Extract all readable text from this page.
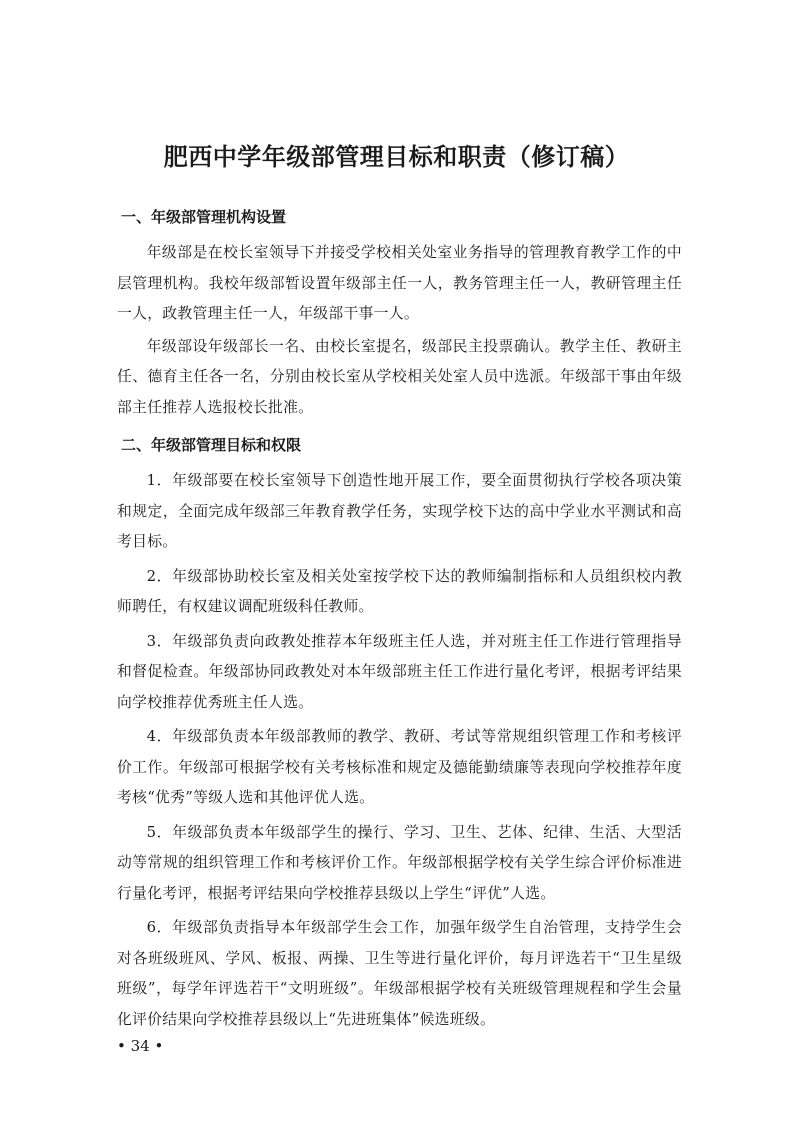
肥西中学年级部管理目标和职责（修订稿）
一、年级部管理机构设置

年级部是在校长室领导下并接受学校相关处室业务指导的管理教育教学工作的中层管理机构。我校年级部暂设置年级部主任一人，教务管理主任一人，教研管理主任一人，政教管理主任一人，年级部干事一人。

年级部设年级部长一名、由校长室提名，级部民主投票确认。教学主任、教研主任、德育主任各一名，分别由校长室从学校相关处室人员中选派。年级部干事由年级部主任推荐人选报校长批准。

二、年级部管理目标和权限

1．年级部要在校长室领导下创造性地开展工作，要全面贯彻执行学校各项决策和规定，全面完成年级部三年教育教学任务，实现学校下达的高中学业水平测试和高考目标。

2．年级部协助校长室及相关处室按学校下达的教师编制指标和人员组织校内教师聘任，有权建议调配班级科任教师。

3．年级部负责向政教处推荐本年级班主任人选，并对班主任工作进行管理指导和督促检查。年级部协同政教处对本年级部班主任工作进行量化考评，根据考评结果向学校推荐优秀班主任人选。

4．年级部负责本年级部教师的教学、教研、考试等常规组织管理工作和考核评价工作。年级部可根据学校有关考核标准和规定及德能勤绩廉等表现向学校推荐年度考核“优秀”等级人选和其他评优人选。

5．年级部负责本年级部学生的操行、学习、卫生、艺体、纪律、生活、大型活动等常规的组织管理工作和考核评价工作。年级部根据学校有关学生综合评价标准进行量化考评，根据考评结果向学校推荐县级以上学生“评优”人选。

6．年级部负责指导本年级部学生会工作，加强年级学生自治管理，支持学生会对各班级班风、学风、板报、两操、卫生等进行量化评价，每月评选若干“卫生星级班级”，每学年评选若干“文明班级”。年级部根据学校有关班级管理规程和学生会量化评价结果向学校推荐县级以上“先进班集体”候选班级。

• 34 •
